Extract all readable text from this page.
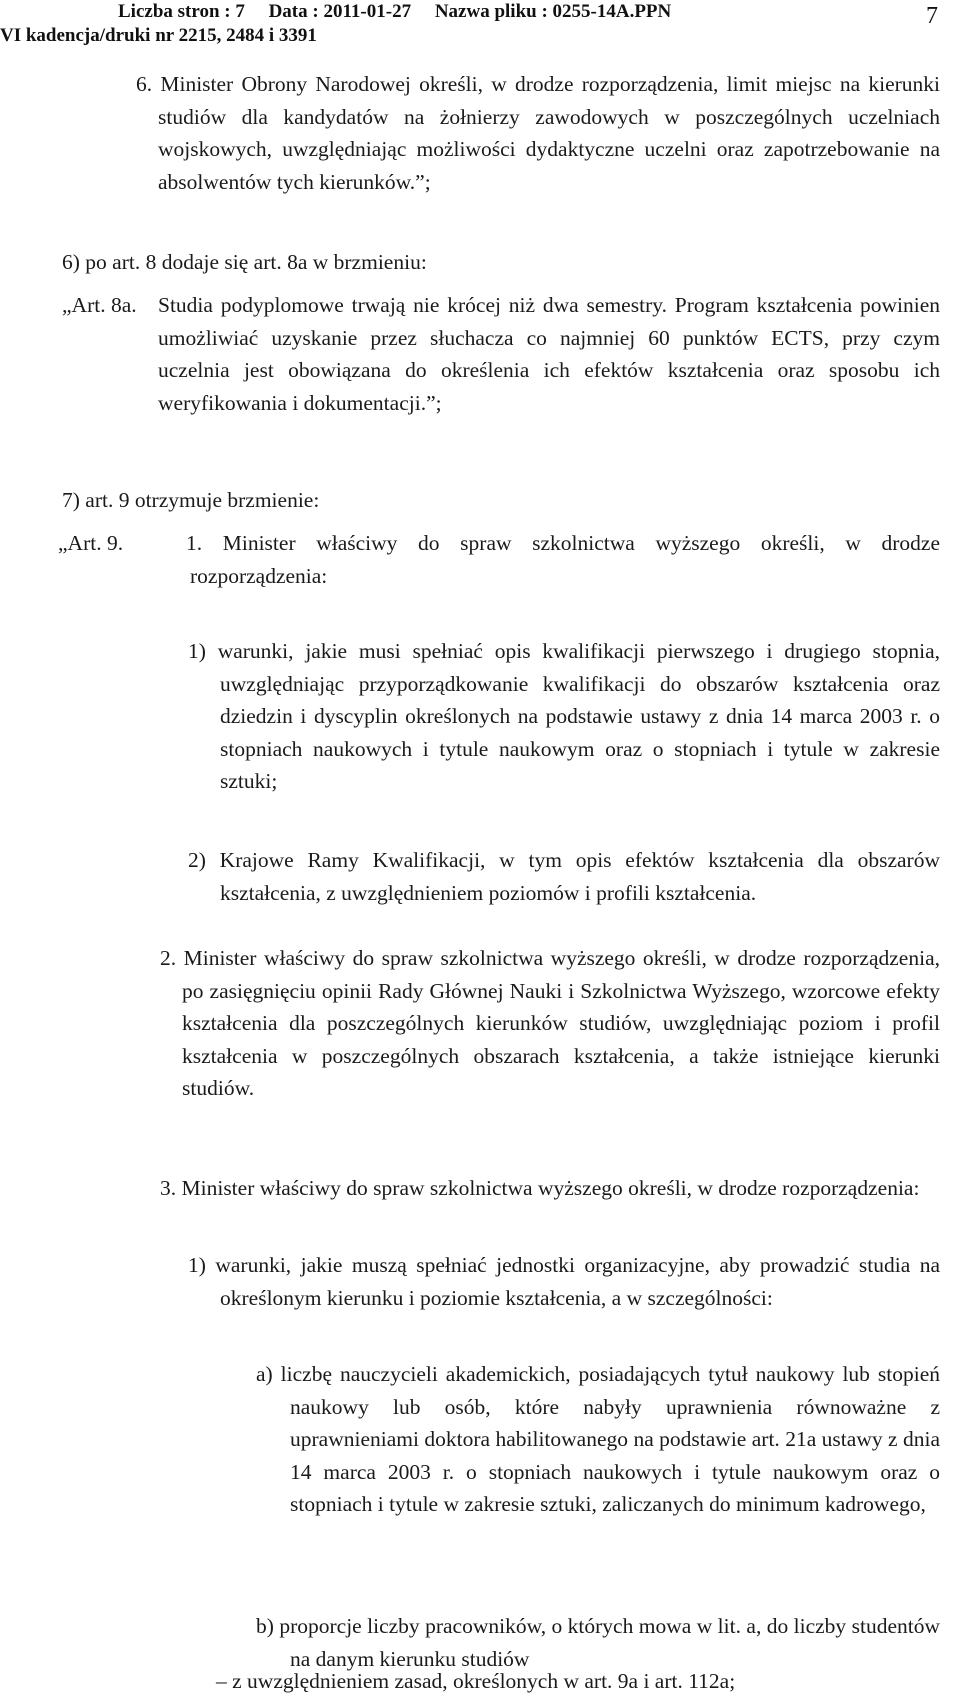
Liczba stron : 7     Data : 2011-01-27     Nazwa pliku : 0255-14A.PPN
VI kadencja/druki nr 2215, 2484 i 3391
7
6. Minister Obrony Narodowej określi, w drodze rozporządzenia, limit miejsc na kierunki studiów dla kandydatów na żołnierzy zawodowych w poszczególnych uczelniach wojskowych, uwzględniając możliwości dydaktyczne uczelni oraz zapotrzebowanie na absolwentów tych kierunków.”;
6) po art. 8 dodaje się art. 8a w brzmieniu:
„Art. 8a. Studia podyplomowe trwają nie krócej niż dwa semestry. Program kształcenia powinien umożliwiać uzyskanie przez słuchacza co najmniej 60 punktów ECTS, przy czym uczelnia jest obowiązana do określenia ich efektów kształcenia oraz sposobu ich weryfikowania i dokumentacji.”;
7) art. 9 otrzymuje brzmienie:
„Art. 9.	1. Minister właściwy do spraw szkolnictwa wyższego określi, w drodze rozporządzenia:
1) warunki, jakie musi spełniać opis kwalifikacji pierwszego i drugiego stopnia, uwzględniając przyporządkowanie kwalifikacji do obszarów kształcenia oraz dziedzin i dyscyplin określonych na podstawie ustawy z dnia 14 marca 2003 r. o stopniach naukowych i tytule naukowym oraz o stopniach i tytule w zakresie sztuki;
2) Krajowe Ramy Kwalifikacji, w tym opis efektów kształcenia dla obszarów kształcenia, z uwzględnieniem poziomów i profili kształcenia.
2. Minister właściwy do spraw szkolnictwa wyższego określi, w drodze rozporządzenia, po zasięgnięciu opinii Rady Głównej Nauki i Szkolnictwa Wyższego, wzorcowe efekty kształcenia dla poszczególnych kierunków studiów, uwzględniając poziom i profil kształcenia w poszczególnych obszarach kształcenia, a także istniejące kierunki studiów.
3. Minister właściwy do spraw szkolnictwa wyższego określi, w drodze rozporządzenia:
1) warunki, jakie muszą spełniać jednostki organizacyjne, aby prowadzić studia na określonym kierunku i poziomie kształcenia, a w szczególności:
a) liczbę nauczycieli akademickich, posiadających tytuł naukowy lub stopień naukowy lub osób, które nabyły uprawnienia równoważne z uprawnieniami doktora habilitowanego na podstawie art. 21a ustawy z dnia 14 marca 2003 r. o stopniach naukowych i tytule naukowym oraz o stopniach i tytule w zakresie sztuki, zaliczanych do minimum kadrowego,
b) proporcje liczby pracowników, o których mowa w lit. a, do liczby studentów na danym kierunku studiów
– z uwzględnieniem zasad, określonych w art. 9a i art. 112a;
